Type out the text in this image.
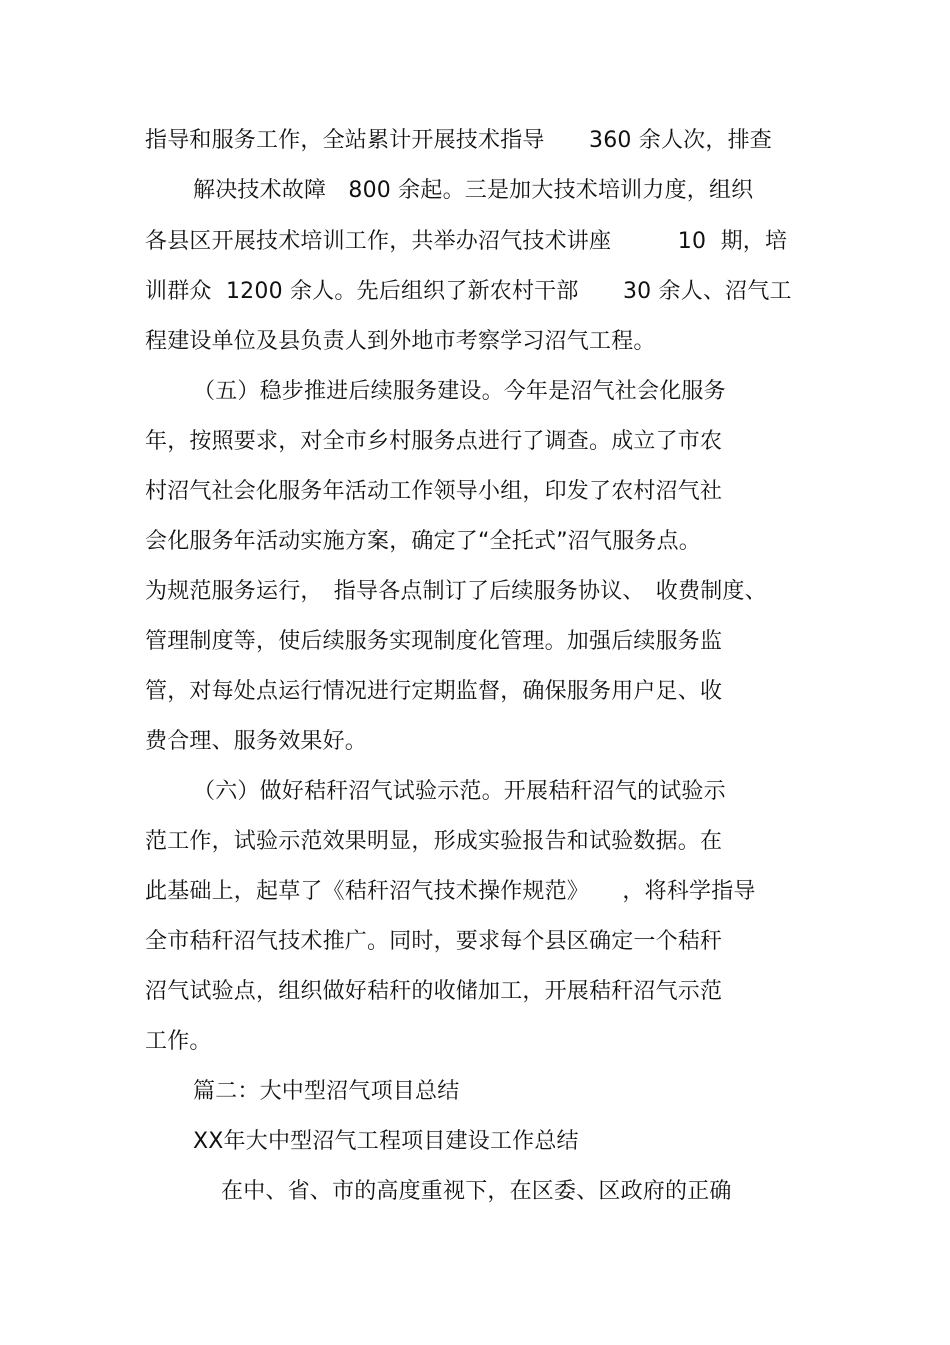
指导和服务工作，全站累计开展技术指导　　360 余人次，排查
解决技术故障　800 余起。三是加大技术培训力度，组织
各县区开展技术培训工作，共举办沼气技术讲座　　　10  期，培
训群众  1200 余人。先后组织了新农村干部　　30 余人、沼气工
程建设单位及县负责人到外地市考察学习沼气工程。
（五）稳步推进后续服务建设。今年是沼气社会化服务
年，按照要求，对全市乡村服务点进行了调查。成立了市农
村沼气社会化服务年活动工作领导小组，印发了农村沼气社
会化服务年活动实施方案，确定了“全托式”沼气服务点。
为规范服务运行，　指导各点制订了后续服务协议、　收费制度、
管理制度等，使后续服务实现制度化管理。加强后续服务监
管，对每处点运行情况进行定期监督，确保服务用户足、收
费合理、服务效果好。
（六）做好秸秆沼气试验示范。开展秸秆沼气的试验示
范工作，试验示范效果明显，形成实验报告和试验数据。在
此基础上，起草了《秸秆沼气技术操作规范》　　，将科学指导
全市秸秆沼气技术推广。同时，要求每个县区确定一个秸秆
沼气试验点，组织做好秸秆的收储加工，开展秸秆沼气示范
工作。
篇二：大中型沼气项目总结
XX年大中型沼气工程项目建设工作总结
在中、省、市的高度重视下，在区委、区政府的正确
